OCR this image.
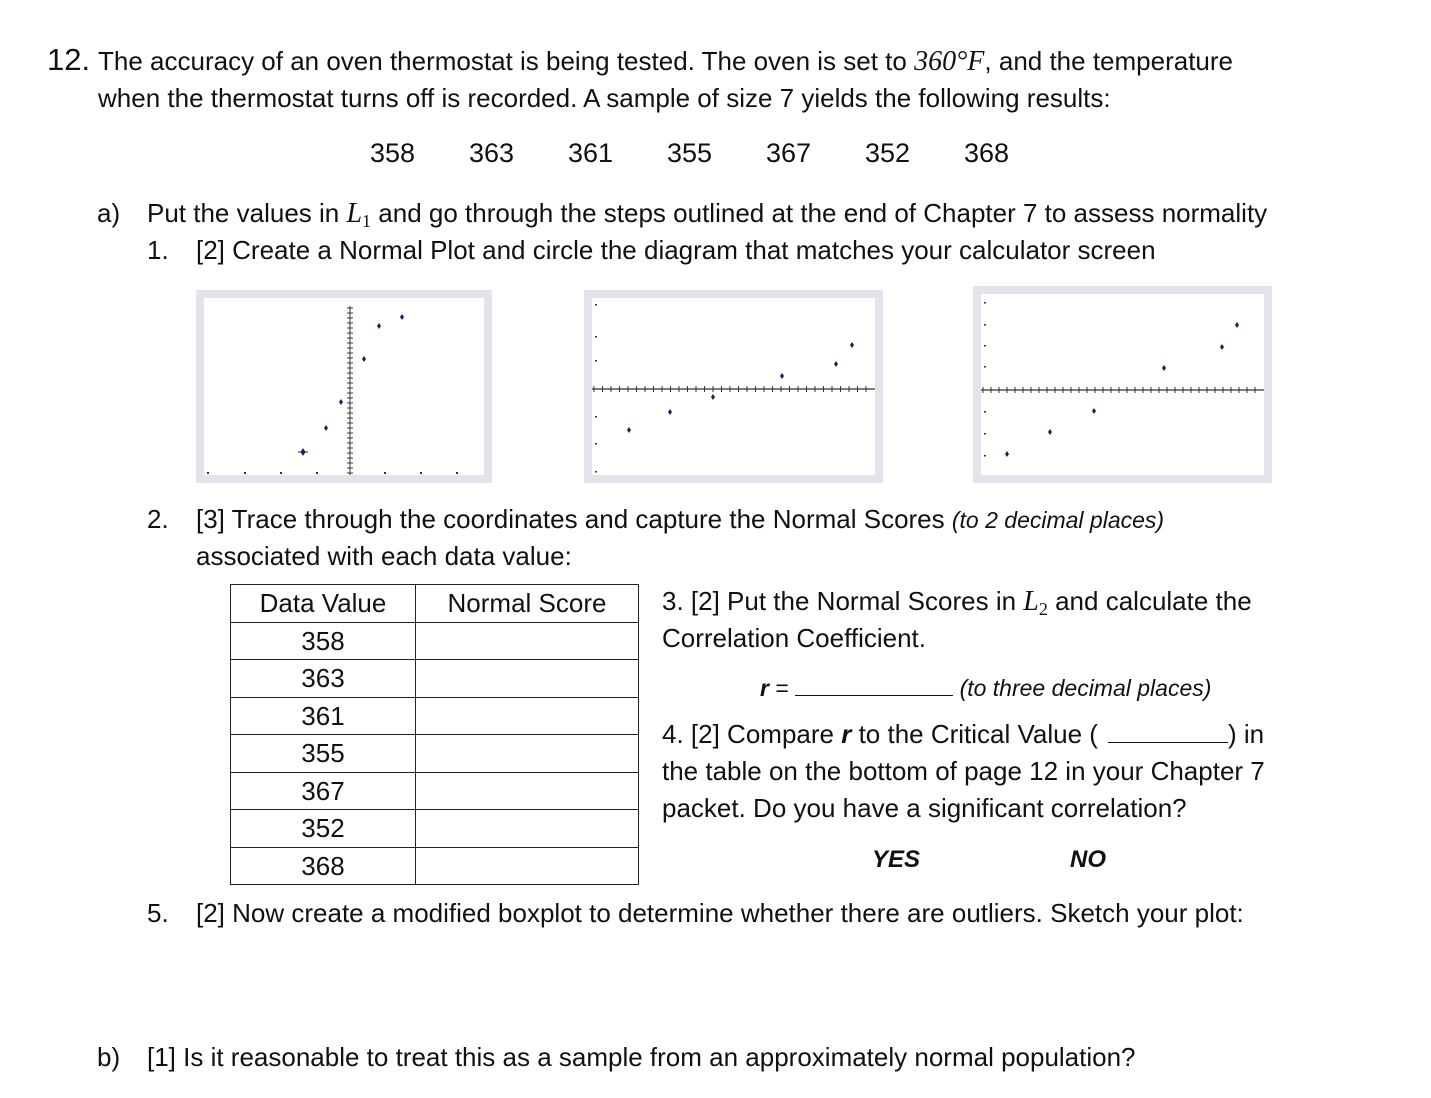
12. The accuracy of an oven thermostat is being tested. The oven is set to 360°F, and the temperature
when the thermostat turns off is recorded. A sample of size 7 yields the following results:
358 363 361 355 367 352 368
a) Put the values in $L_1$ and go through the steps outlined at the end of Chapter 7 to assess normality
1. [2] Create a Normal Plot and circle the diagram that matches your calculator screen
2. [3] Trace through the coordinates and capture the Normal Scores (to 2 decimal places)
associated with each data value:
Data Value	Normal Score
358	
363	
361	
355	
367	
352	
368	
3. [2] Put the Normal Scores in $L_2$ and calculate the
Correlation Coefficient.
r =	(to three decimal places)
4. [2] Compare r to the Critical Value (	) in
the table on the bottom of page 12 in your Chapter 7
packet. Do you have a significant correlation?
YES	NO
5. [2] Now create a modified boxplot to determine whether there are outliers. Sketch your plot:
b) [1] Is it reasonable to treat this as a sample from an approximately normal population?
